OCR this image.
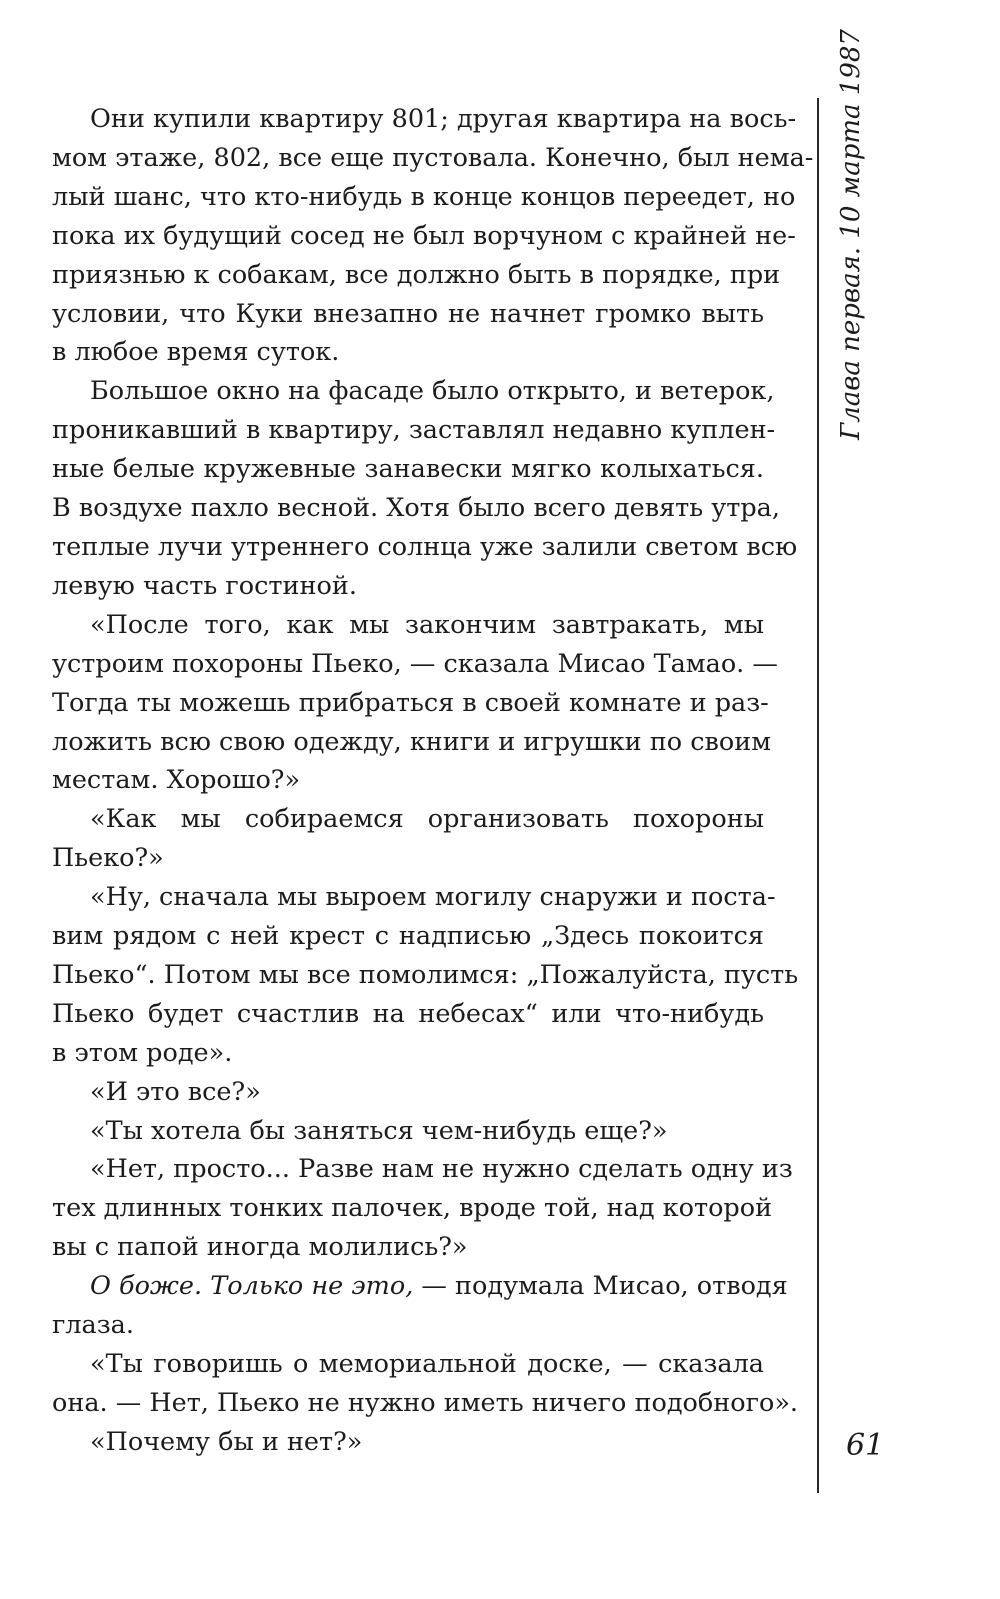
Они купили квартиру 801; другая квартира на вось-
мом этаже, 802, все еще пустовала. Конечно, был нема-
лый шанс, что кто-нибудь в конце концов переедет, но
пока их будущий сосед не был ворчуном с крайней не-
приязнью к собакам, все должно быть в порядке, при
условии, что Куки внезапно не начнет громко выть
в любое время суток.
Большое окно на фасаде было открыто, и ветерок,
проникавший в квартиру, заставлял недавно куплен-
ные белые кружевные занавески мягко колыхаться.
В воздухе пахло весной. Хотя было всего девять утра,
теплые лучи утреннего солнца уже залили светом всю
левую часть гостиной.
«После того, как мы закончим завтракать, мы
устроим похороны Пьеко, — сказала Мисао Тамао. —
Тогда ты можешь прибраться в своей комнате и раз-
ложить всю свою одежду, книги и игрушки по своим
местам. Хорошо?»
«Как мы собираемся организовать похороны
Пьеко?»
«Ну, сначала мы выроем могилу снаружи и поста-
вим рядом с ней крест с надписью „Здесь покоится
Пьеко“. Потом мы все помолимся: „Пожалуйста, пусть
Пьеко будет счастлив на небесах“ или что-нибудь
в этом роде».
«И это все?»
«Ты хотела бы заняться чем-нибудь еще?»
«Нет, просто... Разве нам не нужно сделать одну из
тех длинных тонких палочек, вроде той, над которой
вы с папой иногда молились?»
О боже. Только не это, — подумала Мисао, отводя
глаза.
«Ты говоришь о мемориальной доске, — сказала
она. — Нет, Пьеко не нужно иметь ничего подобного».
«Почему бы и нет?»
Глава первая. 10 марта 1987
61
